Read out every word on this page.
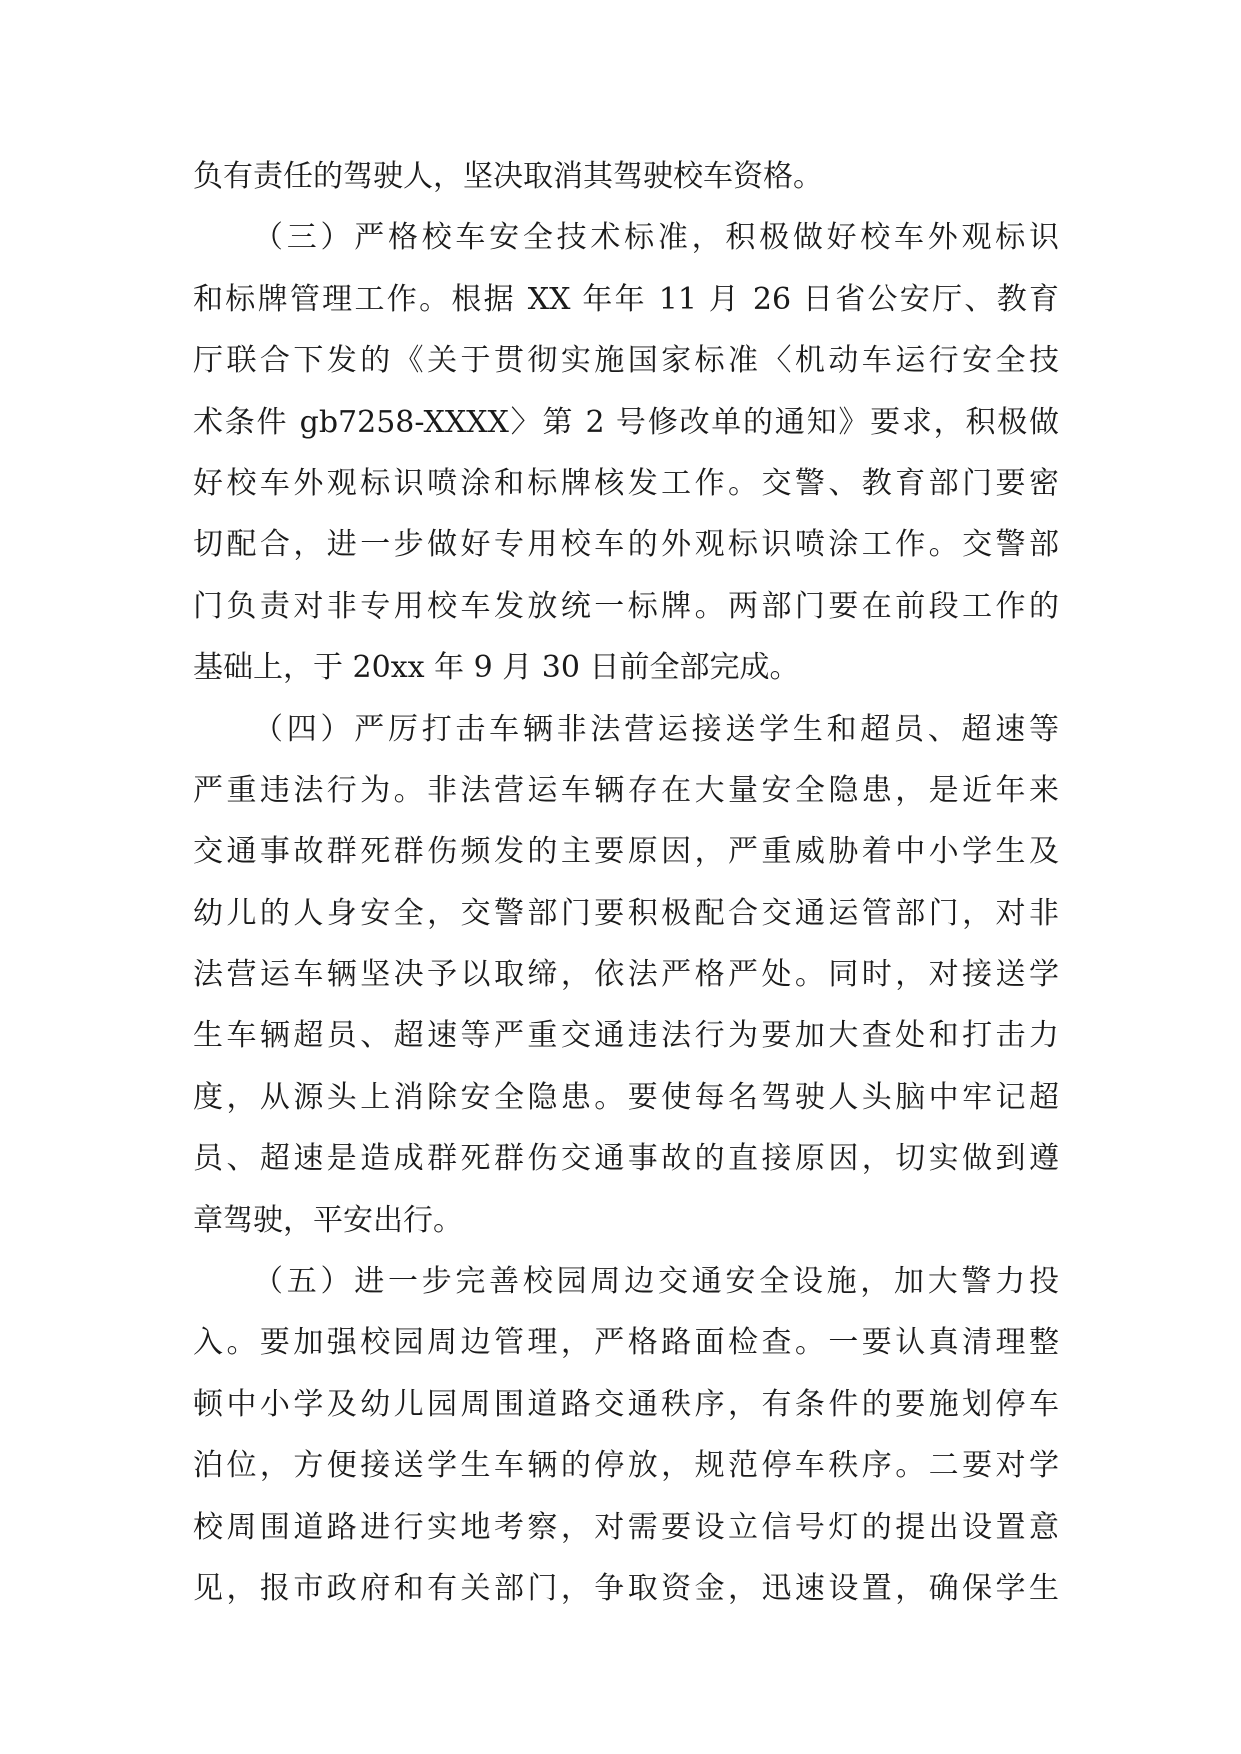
负有责任的驾驶人，坚决取消其驾驶校车资格。
（三）严格校车安全技术标准，积极做好校车外观标识
和标牌管理工作。根据 XX 年年 11 月 26 日省公安厅、教育
厅联合下发的《关于贯彻实施国家标准〈机动车运行安全技
术条件 gb7258-XXXX〉第 2 号修改单的通知》要求，积极做
好校车外观标识喷涂和标牌核发工作。交警、教育部门要密
切配合，进一步做好专用校车的外观标识喷涂工作。交警部
门负责对非专用校车发放统一标牌。两部门要在前段工作的
基础上，于 20xx 年 9 月 30 日前全部完成。
（四）严厉打击车辆非法营运接送学生和超员、超速等
严重违法行为。非法营运车辆存在大量安全隐患，是近年来
交通事故群死群伤频发的主要原因，严重威胁着中小学生及
幼儿的人身安全，交警部门要积极配合交通运管部门，对非
法营运车辆坚决予以取缔，依法严格严处。同时，对接送学
生车辆超员、超速等严重交通违法行为要加大查处和打击力
度，从源头上消除安全隐患。要使每名驾驶人头脑中牢记超
员、超速是造成群死群伤交通事故的直接原因，切实做到遵
章驾驶，平安出行。
（五）进一步完善校园周边交通安全设施，加大警力投
入。要加强校园周边管理，严格路面检查。一要认真清理整
顿中小学及幼儿园周围道路交通秩序，有条件的要施划停车
泊位，方便接送学生车辆的停放，规范停车秩序。二要对学
校周围道路进行实地考察，对需要设立信号灯的提出设置意
见，报市政府和有关部门，争取资金，迅速设置，确保学生
